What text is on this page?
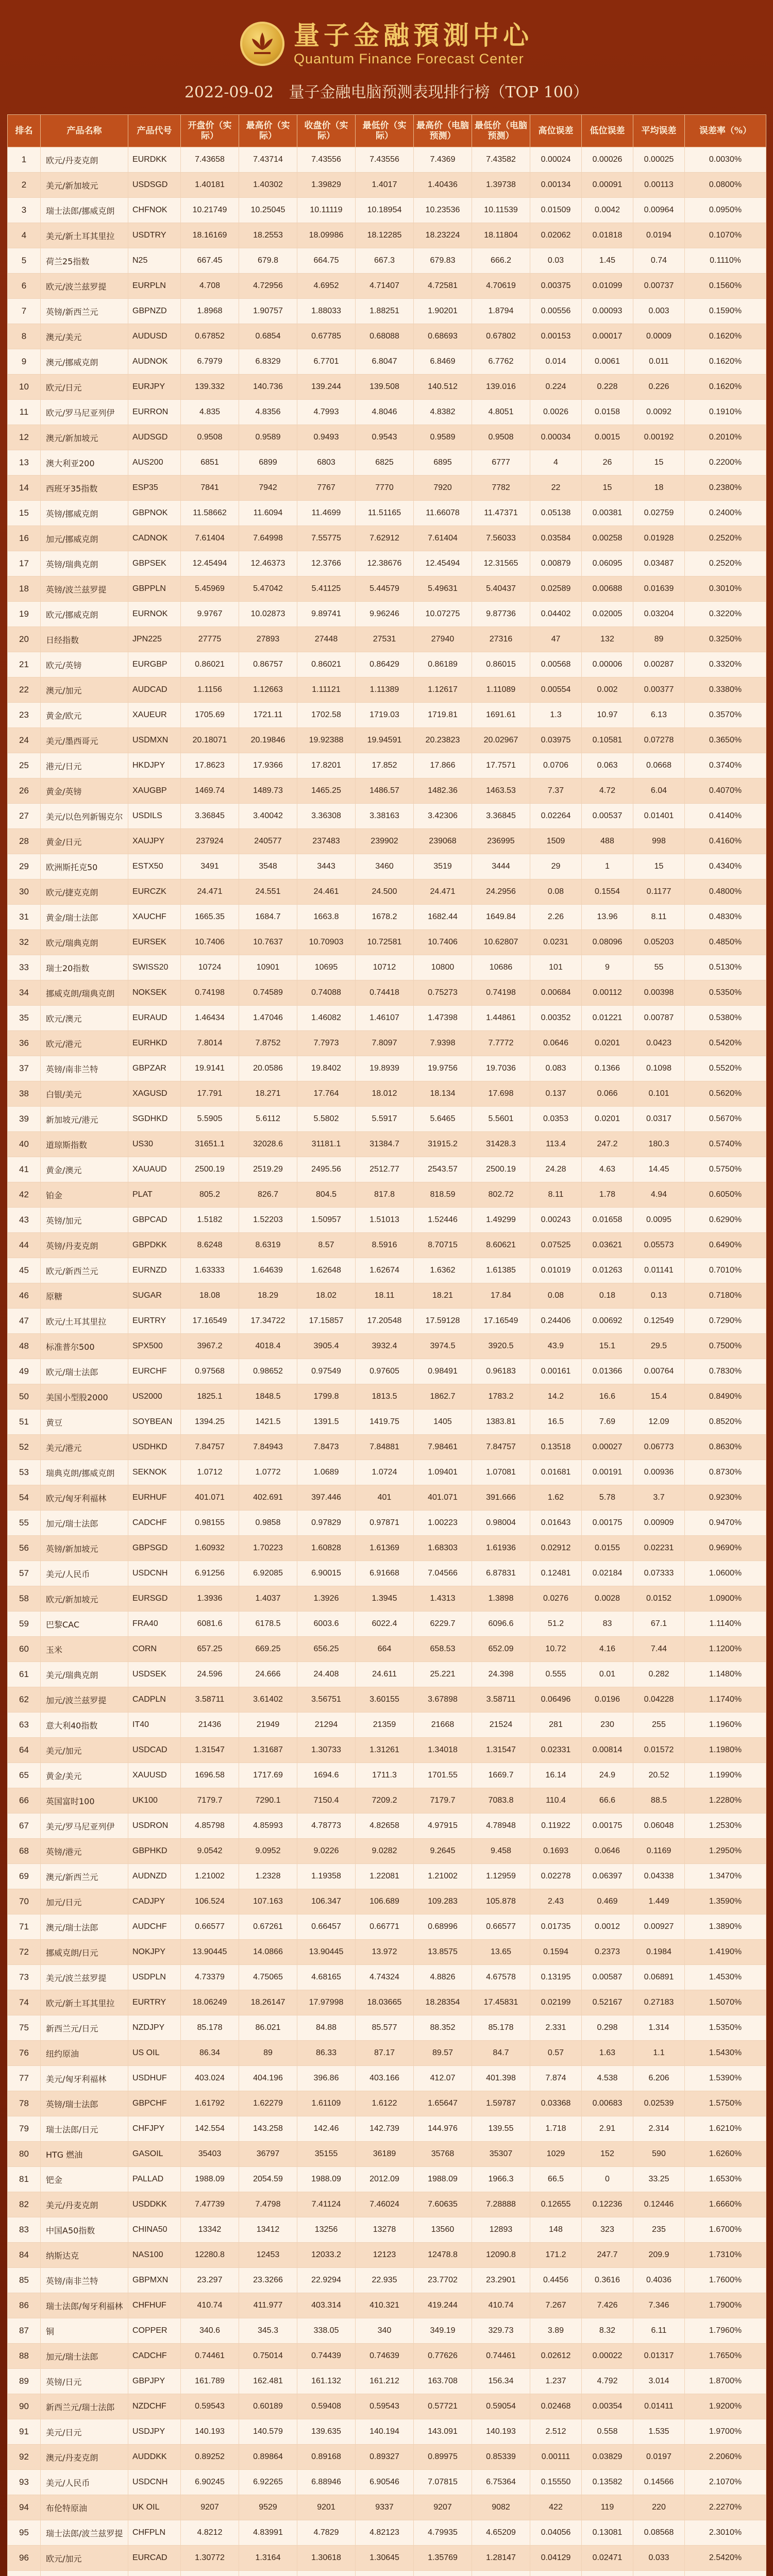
量子金融預測中心
Quantum Finance Forecast Center
2022-09-02 量子金融电脑预测表现排行榜（TOP 100）
排名	产品名称	产品代号	开盘价（实际）	最高价（实际）	收盘价（实际）	最低价（实际）	最高价（电脑预测）	最低价（电脑预测）	高位误差	低位误差	平均误差	误差率（%）
1	欧元/丹麦克朗	EURDKK	7.43658	7.43714	7.43556	7.43556	7.4369	7.43582	0.00024	0.00026	0.00025	0.0030%
2	美元/新加坡元	USDSGD	1.40181	1.40302	1.39829	1.4017	1.40436	1.39738	0.00134	0.00091	0.00113	0.0800%
3	瑞士法郎/挪威克朗	CHFNOK	10.21749	10.25045	10.11119	10.18954	10.23536	10.11539	0.01509	0.0042	0.00964	0.0950%
4	美元/新土耳其里拉	USDTRY	18.16169	18.2553	18.09986	18.12285	18.23224	18.11804	0.02062	0.01818	0.0194	0.1070%
5	荷兰25指数	N25	667.45	679.8	664.75	667.3	679.83	666.2	0.03	1.45	0.74	0.1110%
6	欧元/波兰兹罗提	EURPLN	4.708	4.72956	4.6952	4.71407	4.72581	4.70619	0.00375	0.01099	0.00737	0.1560%
7	英镑/新西兰元	GBPNZD	1.8968	1.90757	1.88033	1.88251	1.90201	1.8794	0.00556	0.00093	0.003	0.1590%
8	澳元/美元	AUDUSD	0.67852	0.6854	0.67785	0.68088	0.68693	0.67802	0.00153	0.00017	0.0009	0.1620%
9	澳元/挪威克朗	AUDNOK	6.7979	6.8329	6.7701	6.8047	6.8469	6.7762	0.014	0.0061	0.011	0.1620%
10	欧元/日元	EURJPY	139.332	140.736	139.244	139.508	140.512	139.016	0.224	0.228	0.226	0.1620%
11	欧元/罗马尼亚列伊	EURRON	4.835	4.8356	4.7993	4.8046	4.8382	4.8051	0.0026	0.0158	0.0092	0.1910%
12	澳元/新加坡元	AUDSGD	0.9508	0.9589	0.9493	0.9543	0.9589	0.9508	0.00034	0.0015	0.00192	0.2010%
13	澳大利亚200	AUS200	6851	6899	6803	6825	6895	6777	4	26	15	0.2200%
14	西班牙35指数	ESP35	7841	7942	7767	7770	7920	7782	22	15	18	0.2380%
15	英镑/挪威克朗	GBPNOK	11.58662	11.6094	11.4699	11.51165	11.66078	11.47371	0.05138	0.00381	0.02759	0.2400%
16	加元/挪威克朗	CADNOK	7.61404	7.64998	7.55775	7.62912	7.61404	7.56033	0.03584	0.00258	0.01928	0.2520%
17	英镑/瑞典克朗	GBPSEK	12.45494	12.46373	12.3766	12.38676	12.45494	12.31565	0.00879	0.06095	0.03487	0.2520%
18	英镑/波兰兹罗提	GBPPLN	5.45969	5.47042	5.41125	5.44579	5.49631	5.40437	0.02589	0.00688	0.01639	0.3010%
19	欧元/挪威克朗	EURNOK	9.9767	10.02873	9.89741	9.96246	10.07275	9.87736	0.04402	0.02005	0.03204	0.3220%
20	日经指数	JPN225	27775	27893	27448	27531	27940	27316	47	132	89	0.3250%
21	欧元/英镑	EURGBP	0.86021	0.86757	0.86021	0.86429	0.86189	0.86015	0.00568	0.00006	0.00287	0.3320%
22	澳元/加元	AUDCAD	1.1156	1.12663	1.11121	1.11389	1.12617	1.11089	0.00554	0.002	0.00377	0.3380%
23	黄金/欧元	XAUEUR	1705.69	1721.11	1702.58	1719.03	1719.81	1691.61	1.3	10.97	6.13	0.3570%
24	美元/墨西哥元	USDMXN	20.18071	20.19846	19.92388	19.94591	20.23823	20.02967	0.03975	0.10581	0.07278	0.3650%
25	港元/日元	HKDJPY	17.8623	17.9366	17.8201	17.852	17.866	17.7571	0.0706	0.063	0.0668	0.3740%
26	黄金/英镑	XAUGBP	1469.74	1489.73	1465.25	1486.57	1482.36	1463.53	7.37	4.72	6.04	0.4070%
27	美元/以色列新锡克尔	USDILS	3.36845	3.40042	3.36308	3.38163	3.42306	3.36845	0.02264	0.00537	0.01401	0.4140%
28	黄金/日元	XAUJPY	237924	240577	237483	239902	239068	236995	1509	488	998	0.4160%
29	欧洲斯托克50	ESTX50	3491	3548	3443	3460	3519	3444	29	1	15	0.4340%
30	欧元/捷克克朗	EURCZK	24.471	24.551	24.461	24.500	24.471	24.2956	0.08	0.1554	0.1177	0.4800%
31	黄金/瑞士法郎	XAUCHF	1665.35	1684.7	1663.8	1678.2	1682.44	1649.84	2.26	13.96	8.11	0.4830%
32	欧元/瑞典克朗	EURSEK	10.7406	10.7637	10.70903	10.72581	10.7406	10.62807	0.0231	0.08096	0.05203	0.4850%
33	瑞士20指数	SWISS20	10724	10901	10695	10712	10800	10686	101	9	55	0.5130%
34	挪威克朗/瑞典克朗	NOKSEK	0.74198	0.74589	0.74088	0.74418	0.75273	0.74198	0.00684	0.00112	0.00398	0.5350%
35	欧元/澳元	EURAUD	1.46434	1.47046	1.46082	1.46107	1.47398	1.44861	0.00352	0.01221	0.00787	0.5380%
36	欧元/港元	EURHKD	7.8014	7.8752	7.7973	7.8097	7.9398	7.7772	0.0646	0.0201	0.0423	0.5420%
37	英镑/南非兰特	GBPZAR	19.9141	20.0586	19.8402	19.8939	19.9756	19.7036	0.083	0.1366	0.1098	0.5520%
38	白银/美元	XAGUSD	17.791	18.271	17.764	18.012	18.134	17.698	0.137	0.066	0.101	0.5620%
39	新加坡元/港元	SGDHKD	5.5905	5.6112	5.5802	5.5917	5.6465	5.5601	0.0353	0.0201	0.0317	0.5670%
40	道琼斯指数	US30	31651.1	32028.6	31181.1	31384.7	31915.2	31428.3	113.4	247.2	180.3	0.5740%
41	黄金/澳元	XAUAUD	2500.19	2519.29	2495.56	2512.77	2543.57	2500.19	24.28	4.63	14.45	0.5750%
42	铂金	PLAT	805.2	826.7	804.5	817.8	818.59	802.72	8.11	1.78	4.94	0.6050%
43	英镑/加元	GBPCAD	1.5182	1.52203	1.50957	1.51013	1.52446	1.49299	0.00243	0.01658	0.0095	0.6290%
44	英镑/丹麦克朗	GBPDKK	8.6248	8.6319	8.57	8.5916	8.70715	8.60621	0.07525	0.03621	0.05573	0.6490%
45	欧元/新西兰元	EURNZD	1.63333	1.64639	1.62648	1.62674	1.6362	1.61385	0.01019	0.01263	0.01141	0.7010%
46	原糖	SUGAR	18.08	18.29	18.02	18.11	18.21	17.84	0.08	0.18	0.13	0.7180%
47	欧元/土耳其里拉	EURTRY	17.16549	17.34722	17.15857	17.20548	17.59128	17.16549	0.24406	0.00692	0.12549	0.7290%
48	标准普尔500	SPX500	3967.2	4018.4	3905.4	3932.4	3974.5	3920.5	43.9	15.1	29.5	0.7500%
49	欧元/瑞士法郎	EURCHF	0.97568	0.98652	0.97549	0.97605	0.98491	0.96183	0.00161	0.01366	0.00764	0.7830%
50	美国小型股2000	US2000	1825.1	1848.5	1799.8	1813.5	1862.7	1783.2	14.2	16.6	15.4	0.8490%
51	黄豆	SOYBEAN	1394.25	1421.5	1391.5	1419.75	1405	1383.81	16.5	7.69	12.09	0.8520%
52	美元/港元	USDHKD	7.84757	7.84943	7.8473	7.84881	7.98461	7.84757	0.13518	0.00027	0.06773	0.8630%
53	瑞典克朗/挪威克朗	SEKNOK	1.0712	1.0772	1.0689	1.0724	1.09401	1.07081	0.01681	0.00191	0.00936	0.8730%
54	欧元/匈牙利福林	EURHUF	401.071	402.691	397.446	401	401.071	391.666	1.62	5.78	3.7	0.9230%
55	加元/瑞士法郎	CADCHF	0.98155	0.9858	0.97829	0.97871	1.00223	0.98004	0.01643	0.00175	0.00909	0.9470%
56	英镑/新加坡元	GBPSGD	1.60932	1.70223	1.60828	1.61369	1.68303	1.61936	0.02912	0.0155	0.02231	0.9690%
57	美元/人民币	USDCNH	6.91256	6.92085	6.90015	6.91668	7.04566	6.87831	0.12481	0.02184	0.07333	1.0600%
58	欧元/新加坡元	EURSGD	1.3936	1.4037	1.3926	1.3945	1.4313	1.3898	0.0276	0.0028	0.0152	1.0900%
59	巴黎CAC	FRA40	6081.6	6178.5	6003.6	6022.4	6229.7	6096.6	51.2	83	67.1	1.1140%
60	玉米	CORN	657.25	669.25	656.25	664	658.53	652.09	10.72	4.16	7.44	1.1200%
61	美元/瑞典克朗	USDSEK	24.596	24.666	24.408	24.611	25.221	24.398	0.555	0.01	0.282	1.1480%
62	加元/波兰兹罗提	CADPLN	3.58711	3.61402	3.56751	3.60155	3.67898	3.58711	0.06496	0.0196	0.04228	1.1740%
63	意大利40指数	IT40	21436	21949	21294	21359	21668	21524	281	230	255	1.1960%
64	美元/加元	USDCAD	1.31547	1.31687	1.30733	1.31261	1.34018	1.31547	0.02331	0.00814	0.01572	1.1980%
65	黄金/美元	XAUUSD	1696.58	1717.69	1694.6	1711.3	1701.55	1669.7	16.14	24.9	20.52	1.1990%
66	英国富时100	UK100	7179.7	7290.1	7150.4	7209.2	7179.7	7083.8	110.4	66.6	88.5	1.2280%
67	美元/罗马尼亚列伊	USDRON	4.85798	4.85993	4.78773	4.82658	4.97915	4.78948	0.11922	0.00175	0.06048	1.2530%
68	英镑/港元	GBPHKD	9.0542	9.0952	9.0226	9.0282	9.2645	9.458	0.1693	0.0646	0.1169	1.2950%
69	澳元/新西兰元	AUDNZD	1.21002	1.2328	1.19358	1.22081	1.21002	1.12959	0.02278	0.06397	0.04338	1.3470%
70	加元/日元	CADJPY	106.524	107.163	106.347	106.689	109.283	105.878	2.43	0.469	1.449	1.3590%
71	澳元/瑞士法郎	AUDCHF	0.66577	0.67261	0.66457	0.66771	0.68996	0.66577	0.01735	0.0012	0.00927	1.3890%
72	挪威克朗/日元	NOKJPY	13.90445	14.0866	13.90445	13.972	13.8575	13.65	0.1594	0.2373	0.1984	1.4190%
73	美元/波兰兹罗提	USDPLN	4.73379	4.75065	4.68165	4.74324	4.8826	4.67578	0.13195	0.00587	0.06891	1.4530%
74	欧元/新土耳其里拉	EURTRY	18.06249	18.26147	17.97998	18.03665	18.28354	17.45831	0.02199	0.52167	0.27183	1.5070%
75	新西兰元/日元	NZDJPY	85.178	86.021	84.88	85.577	88.352	85.178	2.331	0.298	1.314	1.5350%
76	纽约原油	US OIL	86.34	89	86.33	87.17	89.57	84.7	0.57	1.63	1.1	1.5430%
77	美元/匈牙利福林	USDHUF	403.024	404.196	396.86	403.166	412.07	401.398	7.874	4.538	6.206	1.5390%
78	英镑/瑞士法郎	GBPCHF	1.61792	1.62279	1.61109	1.6122	1.65647	1.59787	0.03368	0.00683	0.02539	1.5750%
79	瑞士法郎/日元	CHFJPY	142.554	143.258	142.46	142.739	144.976	139.55	1.718	2.91	2.314	1.6210%
80	HTG 燃油	GASOIL	35403	36797	35155	36189	35768	35307	1029	152	590	1.6260%
81	钯金	PALLAD	1988.09	2054.59	1988.09	2012.09	1988.09	1966.3	66.5	0	33.25	1.6530%
82	美元/丹麦克朗	USDDKK	7.47739	7.4798	7.41124	7.46024	7.60635	7.28888	0.12655	0.12236	0.12446	1.6660%
83	中国A50指数	CHINA50	13342	13412	13256	13278	13560	12893	148	323	235	1.6700%
84	纳斯达克	NAS100	12280.8	12453	12033.2	12123	12478.8	12090.8	171.2	247.7	209.9	1.7310%
85	英镑/南非兰特	GBPMXN	23.297	23.3266	22.9294	22.935	23.7702	23.2901	0.4456	0.3616	0.4036	1.7600%
86	瑞士法郎/匈牙利福林	CHFHUF	410.74	411.977	403.314	410.321	419.244	410.74	7.267	7.426	7.346	1.7900%
87	铜	COPPER	340.6	345.3	338.05	340	349.19	329.73	3.89	8.32	6.11	1.7960%
88	加元/瑞士法郎	CADCHF	0.74461	0.75014	0.74439	0.74639	0.77626	0.74461	0.02612	0.00022	0.01317	1.7650%
89	英镑/日元	GBPJPY	161.789	162.481	161.132	161.212	163.708	156.34	1.237	4.792	3.014	1.8700%
90	新西兰元/瑞士法郎	NZDCHF	0.59543	0.60189	0.59408	0.59543	0.57721	0.59054	0.02468	0.00354	0.01411	1.9200%
91	美元/日元	USDJPY	140.193	140.579	139.635	140.194	143.091	140.193	2.512	0.558	1.535	1.9700%
92	澳元/丹麦克朗	AUDDKK	0.89252	0.89864	0.89168	0.89327	0.89975	0.85339	0.00111	0.03829	0.0197	2.2060%
93	美元/人民币	USDCNH	6.90245	6.92265	6.88946	6.90546	7.07815	6.75364	0.15550	0.13582	0.14566	2.1070%
94	布伦特原油	UK OIL	9207	9529	9201	9337	9207	9082	422	119	220	2.2270%
95	瑞士法郎/波兰兹罗提	CHFPLN	4.8212	4.83991	4.7829	4.82123	4.79935	4.65209	0.04056	0.13081	0.08568	2.3010%
96	欧元/加元	EURCAD	1.30772	1.3164	1.30618	1.30645	1.35769	1.28147	0.04129	0.02471	0.033	2.5420%
